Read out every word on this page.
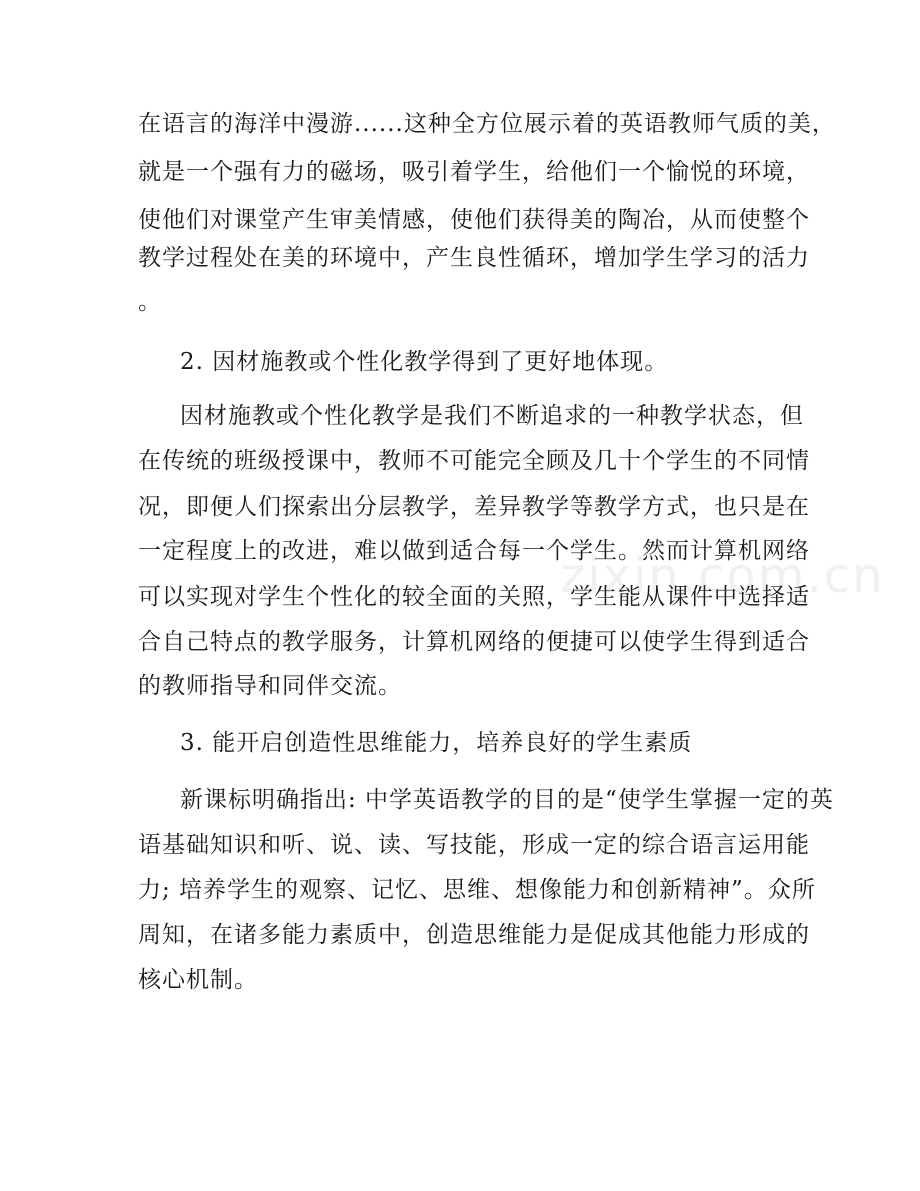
zixin.com.cn
在语言的海洋中漫游......这种全方位展示着的英语教师气质的美，
就是一个强有力的磁场，吸引着学生，给他们一个愉悦的环境，
使他们对课堂产生审美情感，使他们获得美的陶冶，从而使整个
教学过程处在美的环境中，产生良性循环，增加学生学习的活力
。
2. 因材施教或个性化教学得到了更好地体现。
因材施教或个性化教学是我们不断追求的一种教学状态，但
在传统的班级授课中，教师不可能完全顾及几十个学生的不同情
况，即便人们探索出分层教学，差异教学等教学方式，也只是在
一定程度上的改进，难以做到适合每一个学生。然而计算机网络
可以实现对学生个性化的较全面的关照，学生能从课件中选择适
合自己特点的教学服务，计算机网络的便捷可以使学生得到适合
的教师指导和同伴交流。
3. 能开启创造性思维能力，培养良好的学生素质
新课标明确指出: 中学英语教学的目的是“使学生掌握一定的英
语基础知识和听、说、读、写技能，形成一定的综合语言运用能
力; 培养学生的观察、记忆、思维、想像能力和创新精神”。众所
周知，在诸多能力素质中，创造思维能力是促成其他能力形成的
核心机制。
